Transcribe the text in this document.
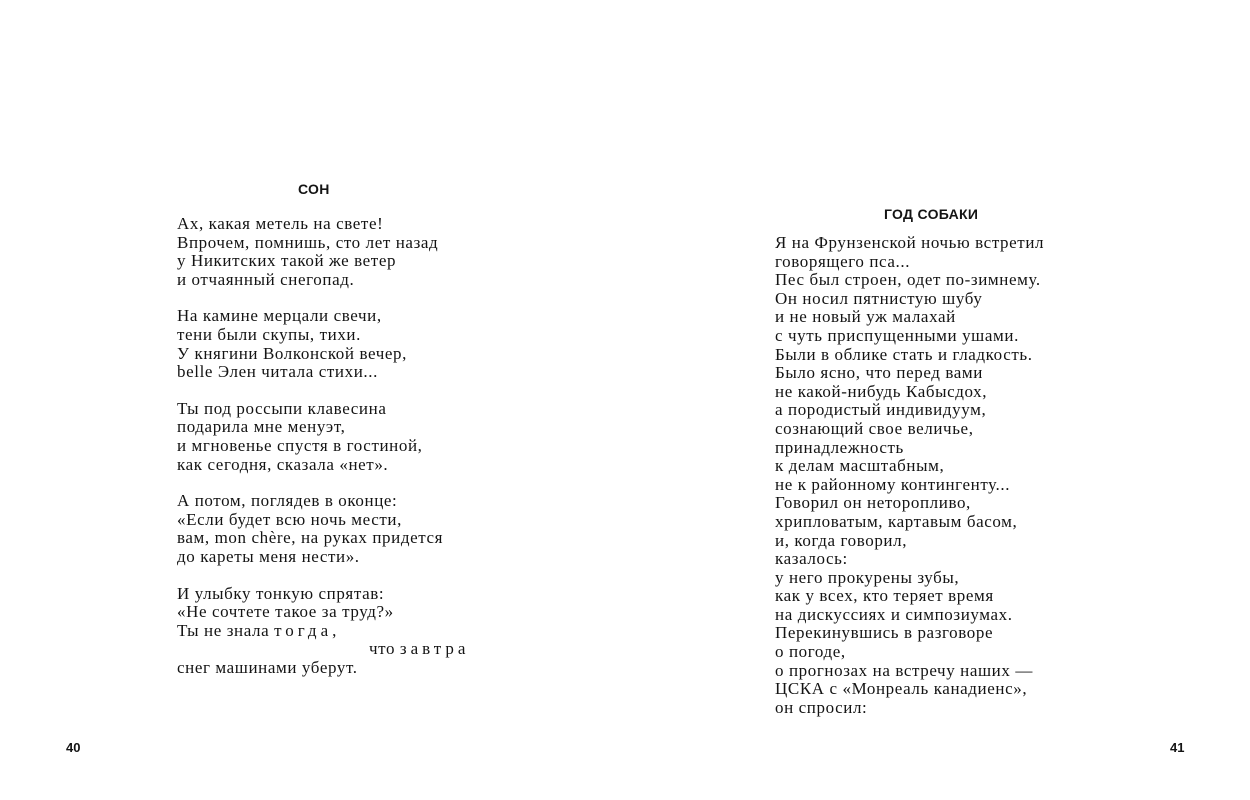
СОН
Ах, какая метель на свете!
Впрочем, помнишь, сто лет назад
у Никитских такой же ветер
и отчаянный снегопад.
На камине мерцали свечи,
тени были скупы, тихи.
У княгини Волконской вечер,
belle Элен читала стихи...
Ты под россыпи клавесина
подарила мне менуэт,
и мгновенье спустя в гостиной,
как сегодня, сказала «нет».
А потом, поглядев в оконце:
«Если будет всю ночь мести,
вам, mon chère, на руках придется
до кареты меня нести».
И улыбку тонкую спрятав:
«Не сочтете такое за труд?»
Ты не знала тогда,
что завтра
снег машинами уберут.
40
ГОД СОБАКИ
Я на Фрунзенской ночью встретил
говорящего пса...
Пес был строен, одет по-зимнему.
Он носил пятнистую шубу
и не новый уж малахай
с чуть приспущенными ушами.
Были в облике стать и гладкость.
Было ясно, что перед вами
не какой-нибудь Кабысдох,
а породистый индивидуум,
сознающий свое величье,
принадлежность
к делам масштабным,
не к районному контингенту...
Говорил он неторопливо,
хрипловатым, картавым басом,
и, когда говорил,
казалось:
у него прокурены зубы,
как у всех, кто теряет время
на дискуссиях и симпозиумах.
Перекинувшись в разговоре
о погоде,
о прогнозах на встречу наших —
ЦСКА с «Монреаль канадиенс»,
он спросил:
41
